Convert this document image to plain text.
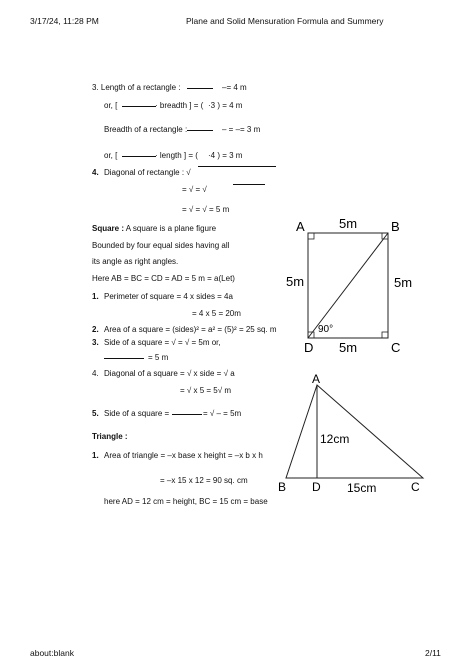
3/17/24, 11:28 PM	Plane and Solid Mensuration Formula and Summery
3. Length of a rectangle :	–= 4 m
or, [	· breadth ] = ( ·3 ) = 4 m
Breadth of a rectangle :	– = –= 3 m
or, [	· length ] = ( ·4 ) = 3 m
4. Diagonal of rectangle : √
= √ = √
= √ = √ = 5 m
Square : A square is a plane figure
Bounded by four equal sides having all
its angle as right angles.
Here AB = BC = CD = AD = 5 m = a(Let)
1. Perimeter of square = 4 x sides = 4a
= 4 x 5 = 20m
2. Area of a square = (sides)² = a² = (5)² = 25 sq. m
3. Side of a square = √ = √ = 5m or,
= 5 m
4. Diagonal of a square = √ x side = √ a
= √ x 5 = 5√ m
5. Side of a square =	= √ – = 5m
Triangle :
1. Area of triangle = –x base x height = –x b x h
= –x 15 x 12 = 90 sq. cm
here AD = 12 cm = height, BC = 15 cm = base
A	B
D	C
5m
5m	5m
5m
90°
A
B D	C
12cm
15cm
about:blank	2/11
